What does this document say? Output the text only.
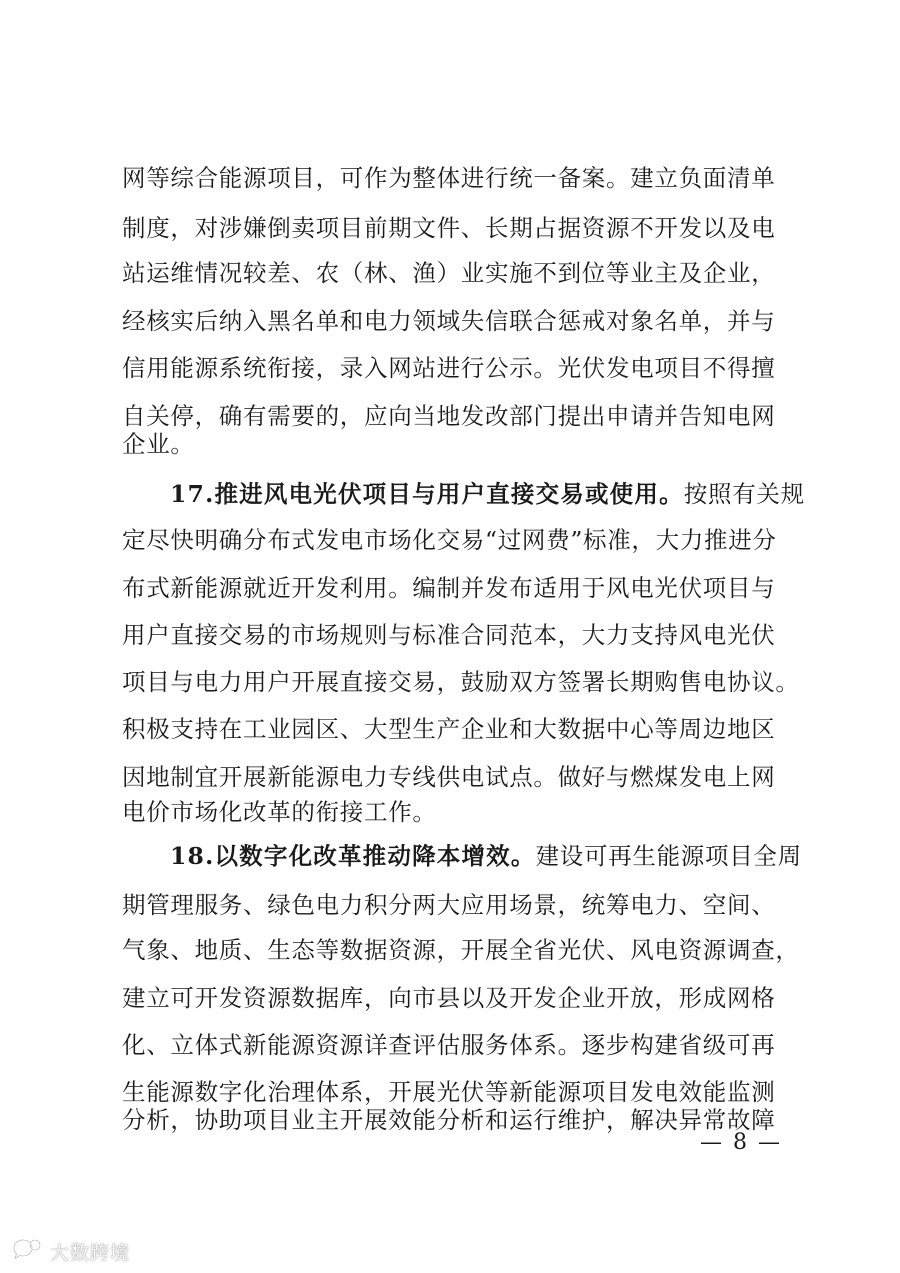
网等综合能源项目，可作为整体进行统一备案。建立负面清单
制度，对涉嫌倒卖项目前期文件、长期占据资源不开发以及电
站运维情况较差、农（林、渔）业实施不到位等业主及企业，
经核实后纳入黑名单和电力领域失信联合惩戒对象名单，并与
信用能源系统衔接，录入网站进行公示。光伏发电项目不得擅
自关停，确有需要的，应向当地发改部门提出申请并告知电网
企业。
17.推进风电光伏项目与用户直接交易或使用。按照有关规
定尽快明确分布式发电市场化交易“过网费”标准，大力推进分
布式新能源就近开发利用。编制并发布适用于风电光伏项目与
用户直接交易的市场规则与标准合同范本，大力支持风电光伏
项目与电力用户开展直接交易，鼓励双方签署长期购售电协议。
积极支持在工业园区、大型生产企业和大数据中心等周边地区
因地制宜开展新能源电力专线供电试点。做好与燃煤发电上网
电价市场化改革的衔接工作。
18.以数字化改革推动降本增效。建设可再生能源项目全周
期管理服务、绿色电力积分两大应用场景，统筹电力、空间、
气象、地质、生态等数据资源，开展全省光伏、风电资源调查，
建立可开发资源数据库，向市县以及开发企业开放，形成网格
化、立体式新能源资源详查评估服务体系。逐步构建省级可再
生能源数字化治理体系，开展光伏等新能源项目发电效能监测
分析，协助项目业主开展效能分析和运行维护，解决异常故障
— 8 —
大数跨境
